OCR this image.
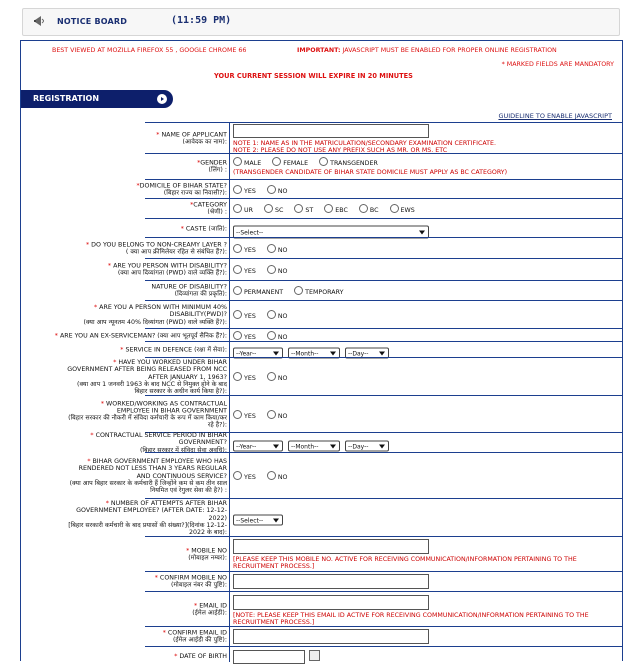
NOTICE BOARD	(11:59 PM)
BEST VIEWED AT MOZILLA FIREFOX 55 , GOOGLE CHROME 66	IMPORTANT: JAVASCRIPT MUST BE ENABLED FOR PROPER ONLINE REGISTRATION
* MARKED FIELDS ARE MANDATORY
YOUR CURRENT SESSION WILL EXPIRE IN 20 MINUTES
REGISTRATION
GUIDELINE TO ENABLE JAVASCRIPT
* NAME OF APPLICANT
(आवेदक का नाम): NOTE 1: NAME AS IN THE MATRICULATION/SECONDARY EXAMINATION CERTIFICATE.
NOTE 2: PLEASE DO NOT USE ANY PREFIX SUCH AS MR. OR MS. ETC
*GENDER
(लिंग) :
MALE	FEMALE	TRANSGENDER
(TRANSGENDER CANDIDATE OF BIHAR STATE DOMICILE MUST APPLY AS BC CATEGORY)
*DOMICILE OF BIHAR STATE?
(बिहार राज्य का निवासी?):	YES	NO
*CATEGORY
(श्रेणी) :	UR	SC	ST	EBC	BC	EWS
* CASTE (जाति):
--Select--
* DO YOU BELONG TO NON-CREAMY LAYER ?
( क्या आप क्रीमिलेयर रहित से संबंधित हैं?):	YES	NO
* ARE YOU PERSON WITH DISABILITY?
(क्या आप दिव्यांगता (PWD) वाले व्यक्ति हैं?):	YES	NO
NATURE OF DISABILITY?
(दिव्यांगता की प्रकृति):	PERMANENT	TEMPORARY
* ARE YOU A PERSON WITH MINIMUM 40% DISABILITY(PWD)?
(क्या आप न्यूनतम 40% दिव्यांगता (PWD) वाले व्यक्ति हैं?):
YES	NO
* ARE YOU AN EX-SERVICEMAN? (क्या आप भूतपूर्व सैनिक हैं?):	YES	NO
* SERVICE IN DEFENCE (रक्षा में सेवा):
--Year--	--Month--	--Day--
* HAVE YOU WORKED UNDER BIHAR GOVERNMENT AFTER BEING RELEASED FROM NCC AFTER JANUARY 1, 1963?
(क्या आप 1 जनवरी 1963 के बाद NCC से निमुक्त होने के बाद बिहार सरकार के अधीन कार्य किया है?):
YES	NO
* WORKED/WORKING AS CONTRACTUAL EMPLOYEE IN BIHAR GOVERNMENT
(बिहार सरकार की नौकरी में संविदा कर्मचारी के रूप में काम किया/कर रहे है?):
YES	NO
* CONTRACTUAL SERVICE PERIOD IN BIHAR GOVERNMENT?
(बिहार सरकार में संविदा सेवा अवधि):	--Year--	--Month--	--Day--
* BIHAR GOVERNMENT EMPLOYEE WHO HAS RENDERED NOT LESS THAN 3 YEARS REGULAR AND CONTINUOUS SERVICE?
(क्या आप बिहार सरकार के कर्मचारी हैं जिन्होंने कम से कम तीन साल नियमित एवं रेगुलर सेवा की है?) :
YES	NO
* NUMBER OF ATTEMPTS AFTER BIHAR GOVERNMENT EMPLOYEE? (AFTER DATE: 12-12-2022)
[बिहार सरकारी कर्मचारी के बाद प्रयासों की संख्या?](दिनांक 12-12-2022 के बाद):
--Select--
* MOBILE NO
(मोबाइल नम्बर): [PLEASE KEEP THIS MOBILE NO. ACTIVE FOR RECEIVING COMMUNICATION/INFORMATION PERTAINING TO THE RECRUITMENT PROCESS.]
* CONFIRM MOBILE NO
(मोबाइल नंबर की पुष्टि):
* EMAIL ID
(ईमेल आईडी): [NOTE: PLEASE KEEP THIS EMAIL ID ACTIVE FOR RECEIVING COMMUNICATION/INFORMATION PERTAINING TO THE RECRUITMENT PROCESS.]
* CONFIRM EMAIL ID
(ईमेल आईडी की पुष्टि):
* DATE OF BIRTH
